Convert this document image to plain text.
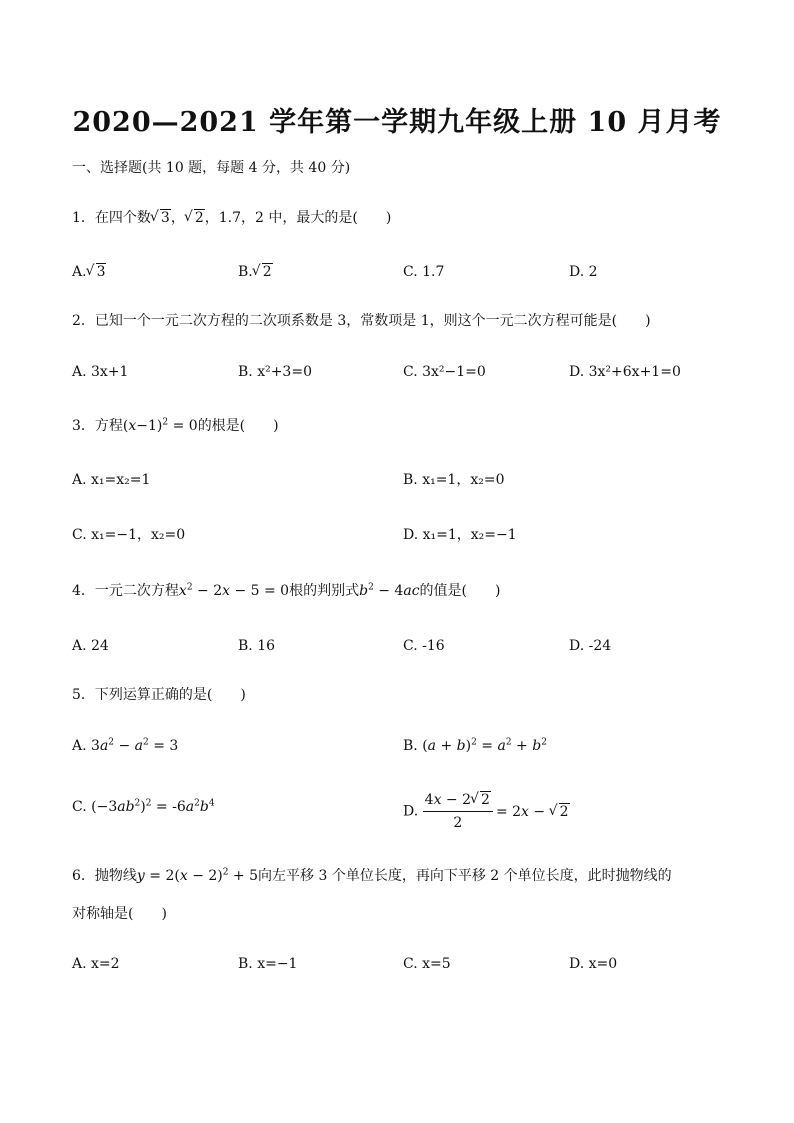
2020—2021 学年第一学期九年级上册 10 月月考
一、选择题(共 10 题，每题 4 分，共 40 分)
1．在四个数 √ 3， √ 2，1.7，2 中，最大的是(　　)
A. √ 3	B. √ 2	C. 1.7	D. 2
2．已知一个一元二次方程的二次项系数是 3，常数项是 1，则这个一元二次方程可能是(　　)
A. 3x+1	B. x²+3=0	C. 3x²−1=0	D. 3x²+6x+1=0
3．方程$(x-1)^2 = 0$的根是(　　)
A. x₁=x₂=1	B. x₁=1，x₂=0
C. x₁=−1，x₂=0	D. x₁=1，x₂=−1
4．一元二次方程$x^2 - 2x - 5 = 0$根的判别式$b^2 - 4ac$的值是(　　)
A. 24	B. 16	C. -16	D. -24
5．下列运算正确的是(　　)
A. $3a^2 - a^2 = 3$	B. $(a + b)^2 = a^2 + b^2$
C. $(-3ab^2)^2 = -6a^2b^4$
D. $\frac{4x - 2 √ 2}{2} = 2x$ − √ 2
6．抛物线$y = 2(x - 2)^2 + 5$向左平移 3 个单位长度，再向下平移 2 个单位长度，此时抛物线的
对称轴是(　　)
A. x=2	B. x=−1	C. x=5	D. x=0
